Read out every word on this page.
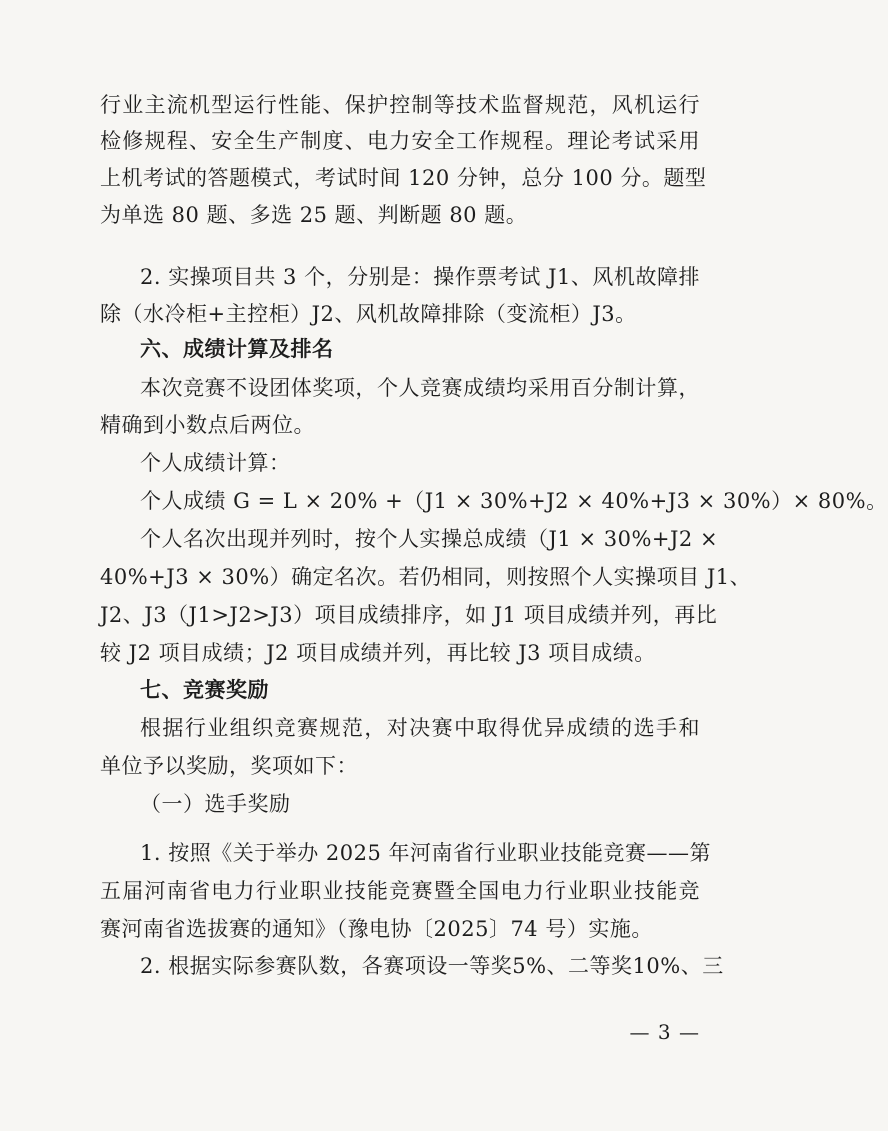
行业主流机型运行性能、保护控制等技术监督规范，风机运行
检修规程、安全生产制度、电力安全工作规程。理论考试采用
上机考试的答题模式，考试时间 120 分钟，总分 100 分。题型
为单选 80 题、多选 25 题、判断题 80 题。
2. 实操项目共 3 个，分别是：操作票考试 J1、风机故障排
除（水冷柜+主控柜）J2、风机故障排除（变流柜）J3。
六、成绩计算及排名
本次竞赛不设团体奖项，个人竞赛成绩均采用百分制计算，
精确到小数点后两位。
个人成绩计算：
个人成绩 G = L × 20% +（J1 × 30%+J2 × 40%+J3 × 30%）× 80%。
个人名次出现并列时，按个人实操总成绩（J1 × 30%+J2 ×
40%+J3 × 30%）确定名次。若仍相同，则按照个人实操项目 J1、
J2、J3（J1>J2>J3）项目成绩排序，如 J1 项目成绩并列，再比
较 J2 项目成绩；J2 项目成绩并列，再比较 J3 项目成绩。
七、竞赛奖励
根据行业组织竞赛规范，对决赛中取得优异成绩的选手和
单位予以奖励，奖项如下：
（一）选手奖励
1. 按照《关于举办 2025 年河南省行业职业技能竞赛——第
五届河南省电力行业职业技能竞赛暨全国电力行业职业技能竞
赛河南省选拔赛的通知》（豫电协〔2025〕74 号）实施。
2. 根据实际参赛队数，各赛项设一等奖5%、二等奖10%、三
— 3 —
